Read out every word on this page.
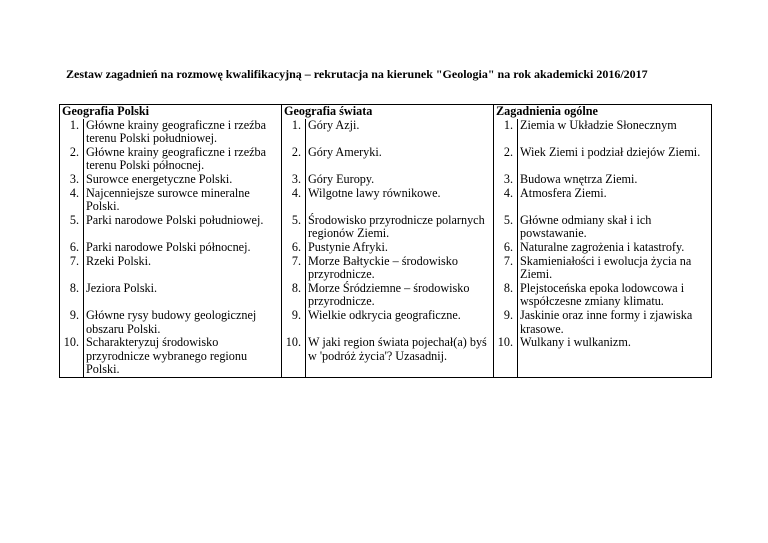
Zestaw zagadnień na rozmowę kwalifikacyjną – rekrutacja na kierunek "Geologia" na rok akademicki 2016/2017
Geografia Polski		Geografia świata		Zagadnienia ogólne	
1.	Główne krainy geograficzne i rzeźba terenu Polski południowej.	1.	Góry Azji.	1.	Ziemia w Układzie Słonecznym
2.	Główne krainy geograficzne i rzeźba terenu Polski północnej.	2.	Góry Ameryki.	2.	Wiek Ziemi i podział dziejów Ziemi.
3.	Surowce energetyczne Polski.	3.	Góry Europy.	3.	Budowa wnętrza Ziemi.
4.	Najcenniejsze surowce mineralne Polski.	4.	Wilgotne lawy równikowe.	4.	Atmosfera Ziemi.
5.	Parki narodowe Polski południowej.	5.	Środowisko przyrodnicze polarnych regionów Ziemi.	5.	Główne odmiany skał i ich powstawanie.
6.	Parki narodowe Polski północnej.	6.	Pustynie Afryki.	6.	Naturalne zagrożenia i katastrofy.
7.	Rzeki Polski.	7.	Morze Bałtyckie – środowisko przyrodnicze.	7.	Skamieniałości i ewolucja życia na Ziemi.
8.	Jeziora Polski.	8.	Morze Śródziemne – środowisko przyrodnicze.	8.	Plejstoceńska epoka lodowcowa i współczesne zmiany klimatu.
9.	Główne rysy budowy geologicznej obszaru Polski.	9.	Wielkie odkrycia geograficzne.	9.	Jaskinie oraz inne formy i zjawiska krasowe.
10.	Scharakteryzuj środowisko przyrodnicze wybranego regionu Polski.	10.	W jaki region świata pojechał(a) byś w 'podróż życia'? Uzasadnij.	10.	Wulkany i wulkanizm.
